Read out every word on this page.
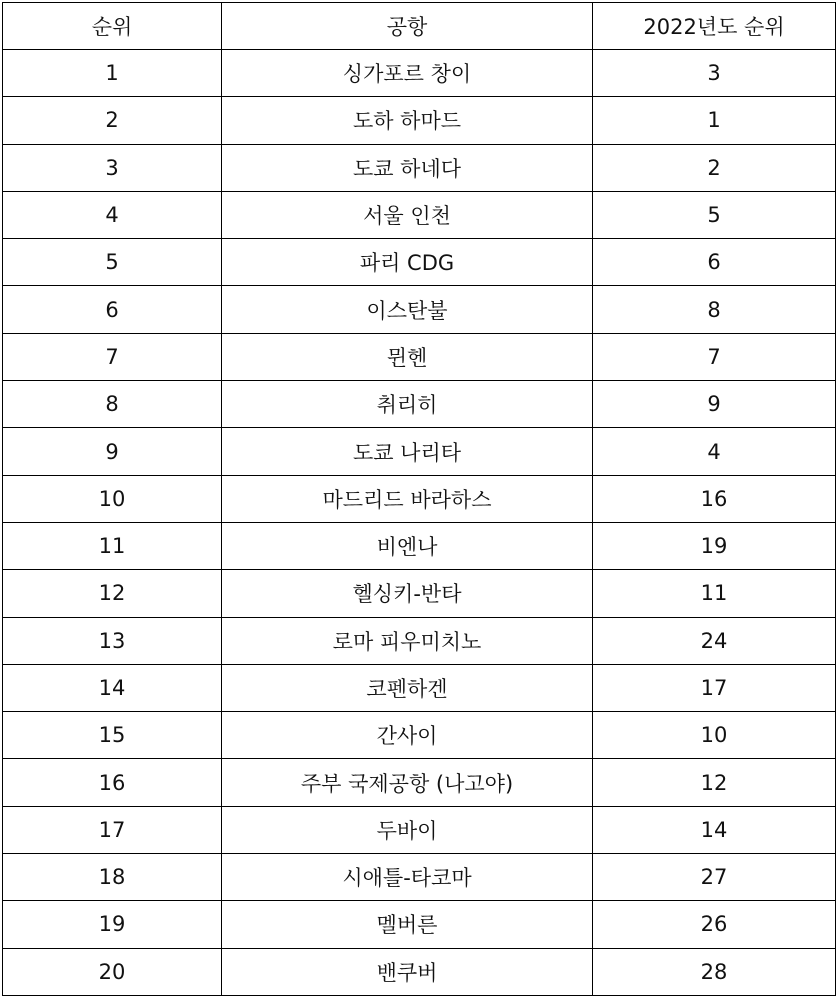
순위	공항	2022년도 순위
1	싱가포르 창이	3
2	도하 하마드	1
3	도쿄 하네다	2
4	서울 인천	5
5	파리 CDG	6
6	이스탄불	8
7	뮌헨	7
8	취리히	9
9	도쿄 나리타	4
10	마드리드 바라하스	16
11	비엔나	19
12	헬싱키-반타	11
13	로마 피우미치노	24
14	코펜하겐	17
15	간사이	10
16	주부 국제공항 (나고야)	12
17	두바이	14
18	시애틀-타코마	27
19	멜버른	26
20	밴쿠버	28
